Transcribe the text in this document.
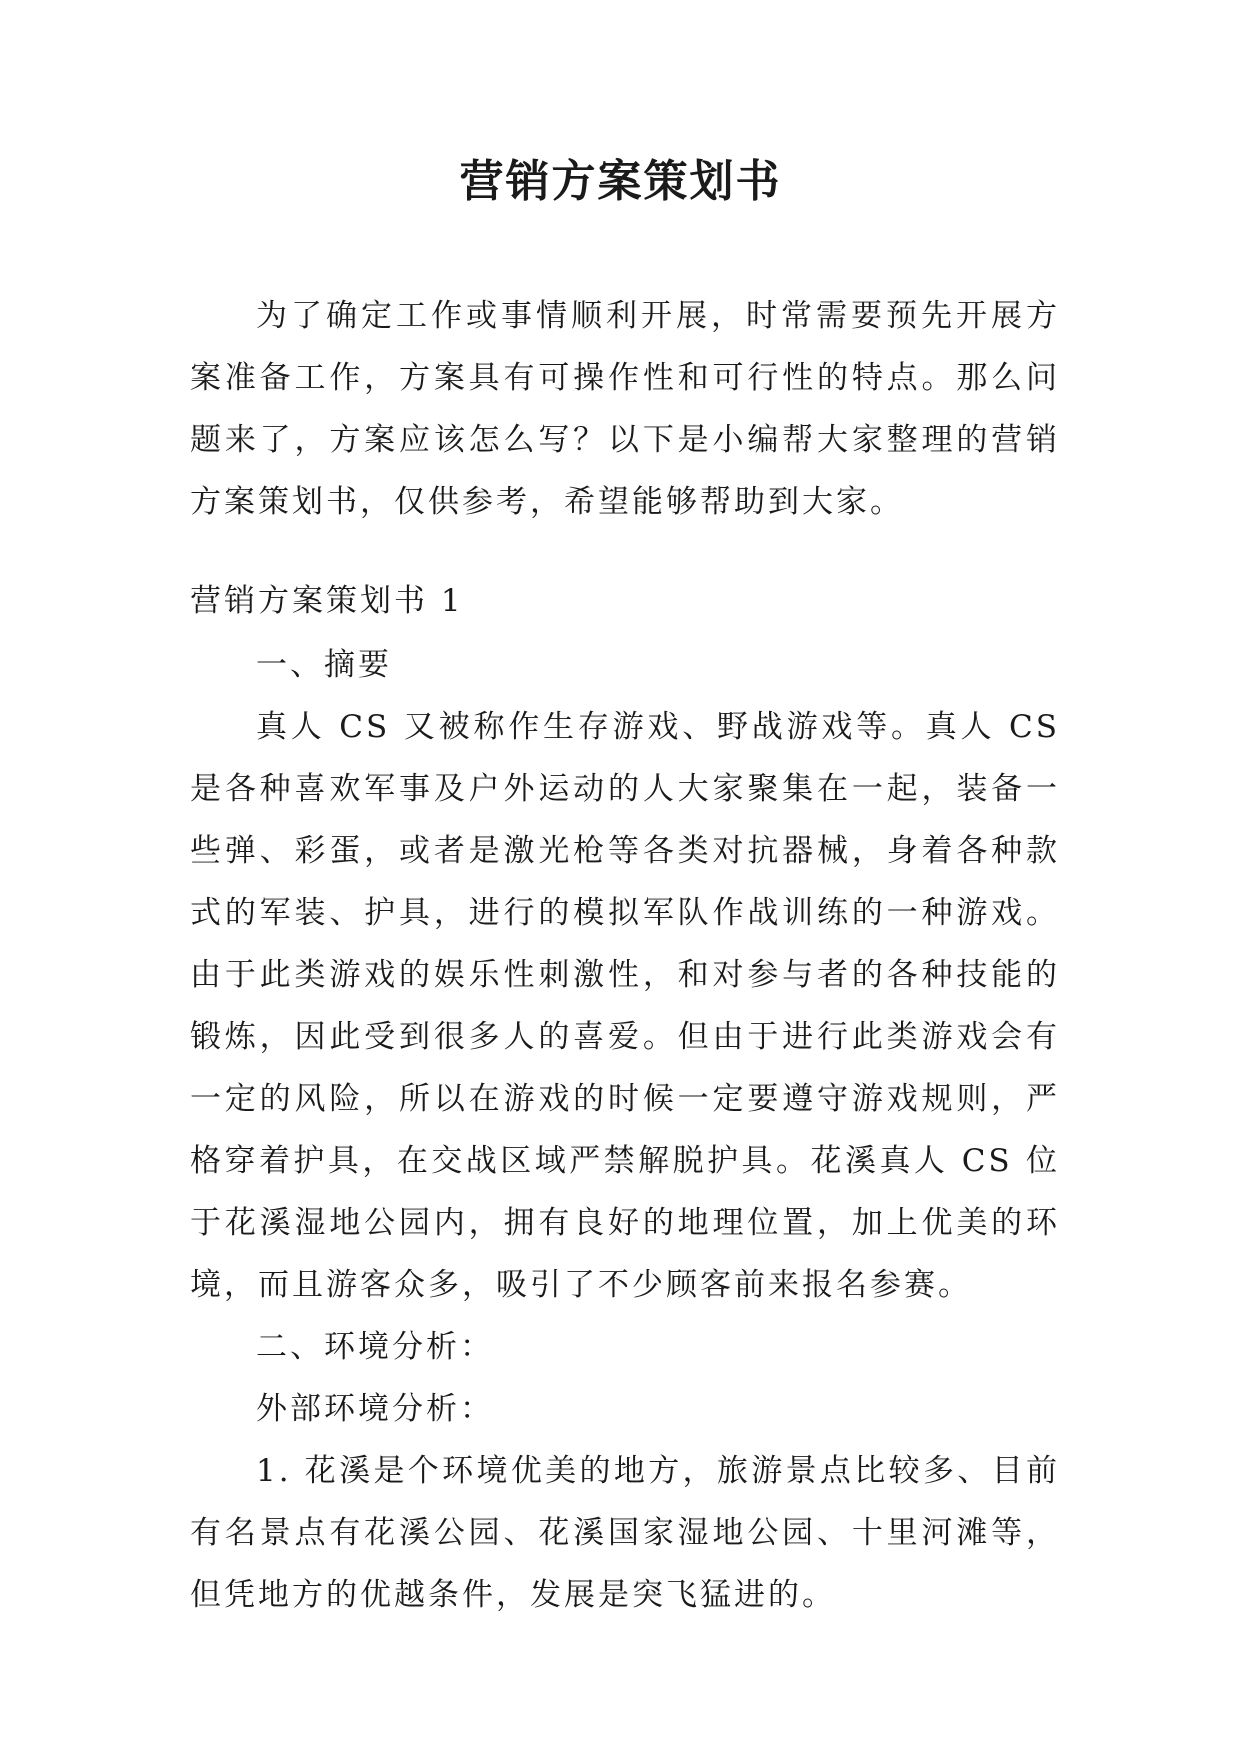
营销方案策划书

为了确定工作或事情顺利开展，时常需要预先开展方案准备工作，方案具有可操作性和可行性的特点。那么问题来了，方案应该怎么写？以下是小编帮大家整理的营销方案策划书，仅供参考，希望能够帮助到大家。

营销方案策划书 1

一、摘要

真人 CS 又被称作生存游戏、野战游戏等。真人 CS 是各种喜欢军事及户外运动的人大家聚集在一起，装备一些弹、彩蛋，或者是激光枪等各类对抗器械，身着各种款式的军装、护具，进行的模拟军队作战训练的一种游戏。由于此类游戏的娱乐性刺激性，和对参与者的各种技能的锻炼，因此受到很多人的喜爱。但由于进行此类游戏会有一定的风险，所以在游戏的时候一定要遵守游戏规则，严格穿着护具，在交战区域严禁解脱护具。花溪真人 CS 位于花溪湿地公园内，拥有良好的地理位置，加上优美的环境，而且游客众多，吸引了不少顾客前来报名参赛。

二、环境分析：

外部环境分析：

1. 花溪是个环境优美的地方，旅游景点比较多、目前有名景点有花溪公园、花溪国家湿地公园、十里河滩等，但凭地方的优越条件，发展是突飞猛进的。
